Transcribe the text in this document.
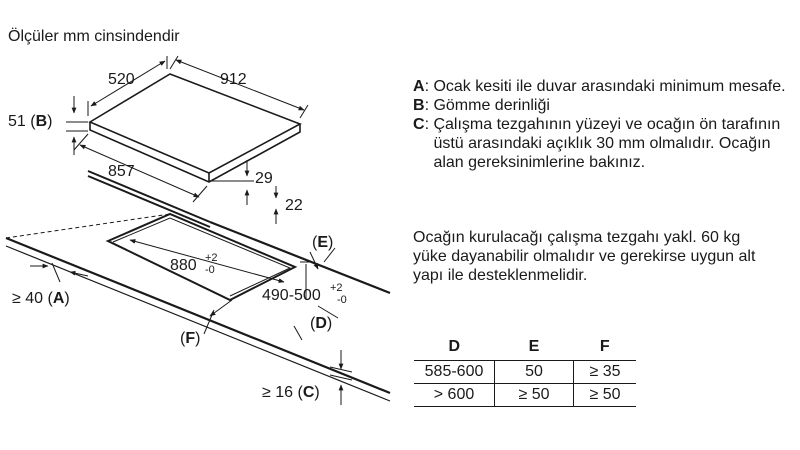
Ölçüler mm cinsindendir
520	912
51 (B)
857	29
22
880 +2
-0
490-500 +2
-0
(E)
(D)
(F)
≥ 40 (A)
≥ 16 (C)
A : Ocak kesiti ile duvar arasındaki minimum mesafe.
B : Gömme derinliği
C : Çalışma tezgahının yüzeyi ve ocağın ön tarafının üstü arasındaki açıklık 30 mm olmalıdır. Ocağın alan gereksinimlerine bakınız.
Ocağın kurulacağı çalışma tezgahı yakl. 60 kg yüke dayanabilir olmalıdır ve gerekirse uygun alt yapı ile desteklenmelidir.
D	E	F
585-600	50	≥ 35
> 600	≥ 50	≥ 50
